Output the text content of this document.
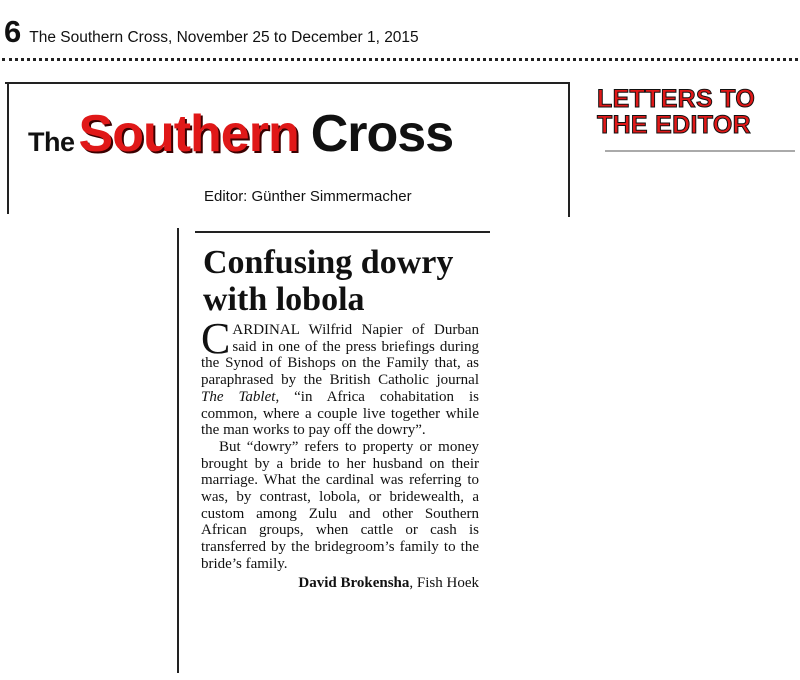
6 The Southern Cross, November 25 to December 1, 2015
The Southern Cross
Editor: Günther Simmermacher
LETTERS TO
THE EDITOR
Confusing dowry
with lobola

CARDINAL Wilfrid Napier of Durban said in one of the press briefings during the Synod of Bishops on the Family that, as paraphrased by the British Catholic journal The Tablet, “in Africa cohabitation is common, where a couple live together while the man works to pay off the dowry”.

But “dowry” refers to property or money brought by a bride to her husband on their marriage. What the cardinal was referring to was, by contrast, lobola, or bridewealth, a custom among Zulu and other Southern African groups, when cattle or cash is transferred by the bridegroom’s family to the bride’s family.

David Brokensha, Fish Hoek
